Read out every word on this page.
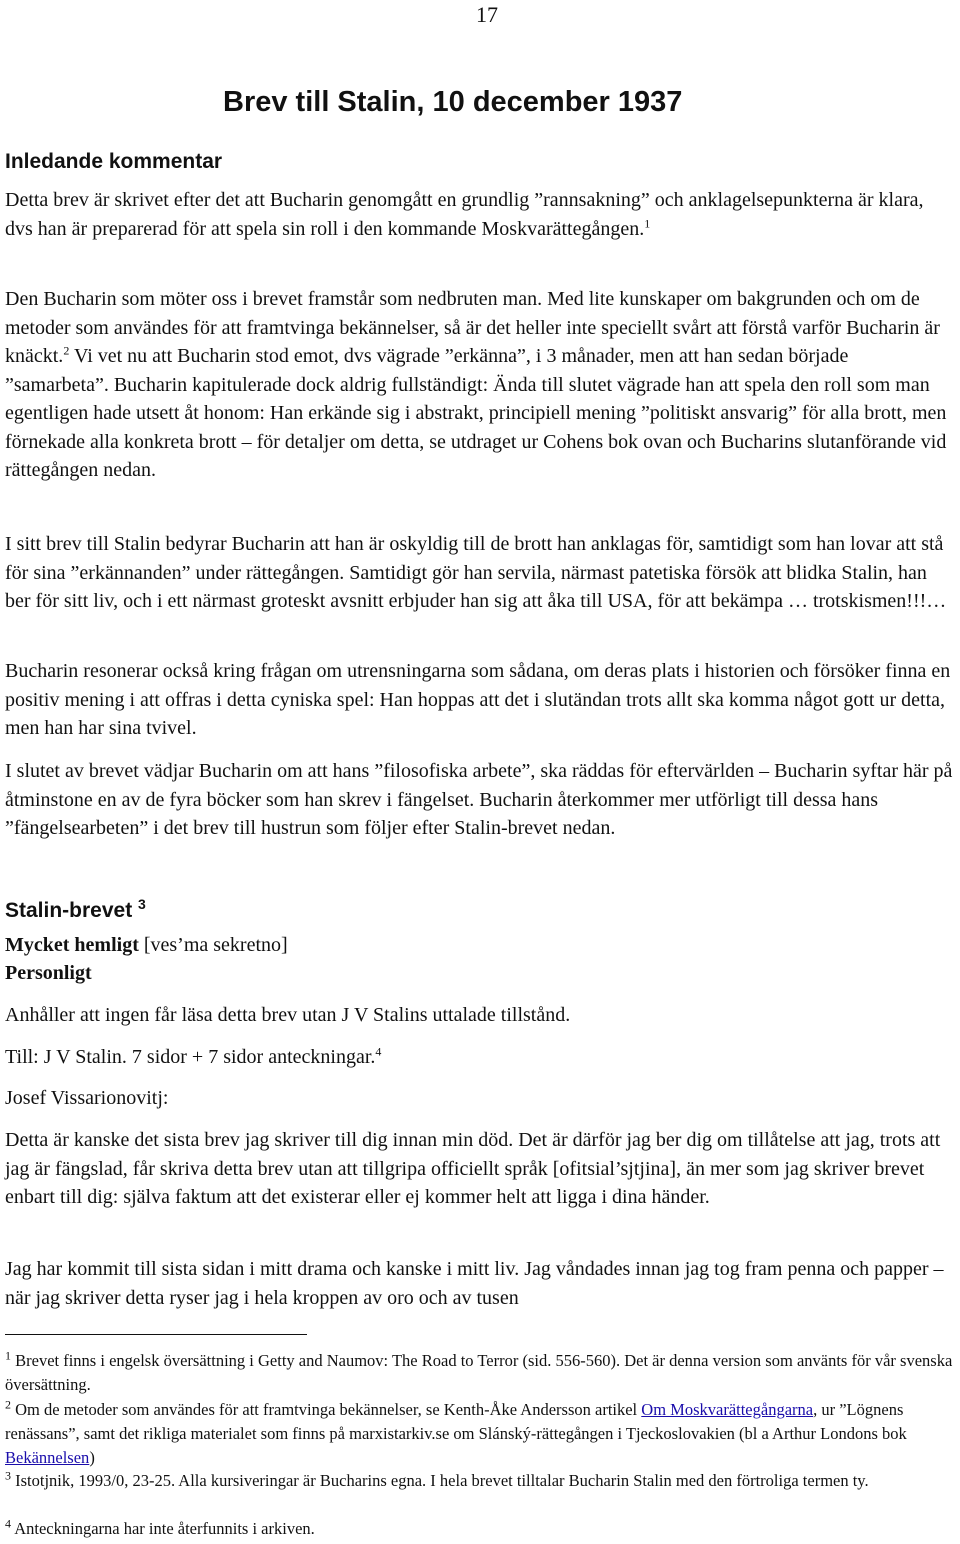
17
Brev till Stalin, 10 december 1937
Inledande kommentar

Detta brev är skrivet efter det att Bucharin genomgått en grundlig ”rannsakning” och anklagelsepunkterna är klara, dvs han är preparerad för att spela sin roll i den kommande Moskvarättegången.$^1$

Den Bucharin som möter oss i brevet framstår som nedbruten man. Med lite kunskaper om bakgrunden och om de metoder som användes för att framtvinga bekännelser, så är det heller inte speciellt svårt att förstå varför Bucharin är knäckt.$^2$ Vi vet nu att Bucharin stod emot, dvs vägrade ”erkänna”, i 3 månader, men att han sedan började ”samarbeta”. Bucharin kapitulerade dock aldrig fullständigt: Ända till slutet vägrade han att spela den roll som man egentligen hade utsett åt honom: Han erkände sig i abstrakt, principiell mening ”politiskt ansvarig” för alla brott, men förnekade alla konkreta brott – för detaljer om detta, se utdraget ur Cohens bok ovan och Bucharins slutanförande vid rättegången nedan.

I sitt brev till Stalin bedyrar Bucharin att han är oskyldig till de brott han anklagas för, samtidigt som han lovar att stå för sina ”erkännanden” under rättegången. Samtidigt gör han servila, närmast patetiska försök att blidka Stalin, han ber för sitt liv, och i ett närmast groteskt avsnitt erbjuder han sig att åka till USA, för att bekämpa … trotskismen!!!…

Bucharin resonerar också kring frågan om utrensningarna som sådana, om deras plats i historien och försöker finna en positiv mening i att offras i detta cyniska spel: Han hoppas att det i slutändan trots allt ska komma något gott ur detta, men han har sina tvivel.

I slutet av brevet vädjar Bucharin om att hans ”filosofiska arbete”, ska räddas för eftervärlden – Bucharin syftar här på åtminstone en av de fyra böcker som han skrev i fängelset. Bucharin återkommer mer utförligt till dessa hans ”fängelsearbeten” i det brev till hustrun som följer efter Stalin-brevet nedan.

Stalin-brevet $^3$

Mycket hemligt [ves’ma sekretno]

Personligt

Anhåller att ingen får läsa detta brev utan J V Stalins uttalade tillstånd.

Till: J V Stalin. 7 sidor + 7 sidor anteckningar.$^4$

Josef Vissarionovitj:

Detta är kanske det sista brev jag skriver till dig innan min död. Det är därför jag ber dig om tillåtelse att jag, trots att jag är fängslad, får skriva detta brev utan att tillgripa officiellt språk [ofitsial’sjtjina], än mer som jag skriver brevet enbart till dig: själva faktum att det existerar eller ej kommer helt att ligga i dina händer.

Jag har kommit till sista sidan i mitt drama och kanske i mitt liv. Jag våndades innan jag tog fram penna och papper – när jag skriver detta ryser jag i hela kroppen av oro och av tusen

$^1$ Brevet finns i engelsk översättning i Getty and Naumov: The Road to Terror (sid. 556-560). Det är denna version som använts för vår svenska översättning.

$^2$ Om de metoder som användes för att framtvinga bekännelser, se Kenth-Åke Andersson artikel Om Moskvarättegångarna, ur ”Lögnens renässans”, samt det rikliga materialet som finns på marxistarkiv.se om Slánský-rättegången i Tjeckoslovakien (bl a Arthur Londons bok Bekännelsen)

$^3$ Istotjnik, 1993/0, 23-25. Alla kursiveringar är Bucharins egna. I hela brevet tilltalar Bucharin Stalin med den förtroliga termen ty.

$^4$ Anteckningarna har inte återfunnits i arkiven.
